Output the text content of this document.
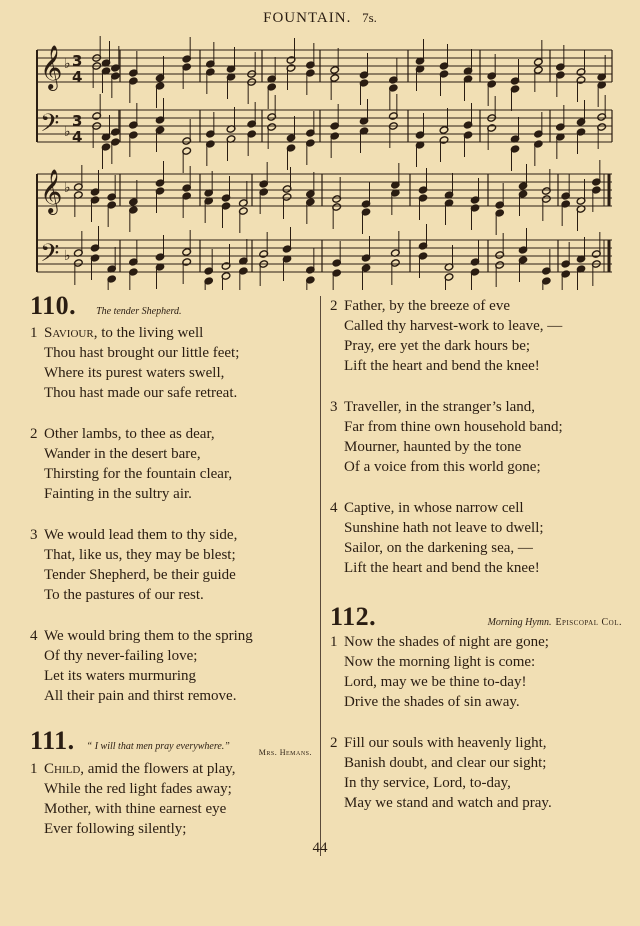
FOUNTAIN. 7s.
𝄞
𝄢
𝄞
𝄢
♭
♭
♭
♭
3
4
3
4
110. The tender Shepherd.
1 Saviour, to the living well
Thou hast brought our little feet;
Where its purest waters swell,
Thou hast made our safe retreat.
2 Other lambs, to thee as dear,
Wander in the desert bare,
Thirsting for the fountain clear,
Fainting in the sultry air.
3 We would lead them to thy side,
That, like us, they may be blest;
Tender Shepherd, be their guide
To the pastures of our rest.
4 We would bring them to the spring
Of thy never-failing love;
Let its waters murmuring
All their pain and thirst remove.
111. “ I will that men pray everywhere.”
Mrs. Hemans.
1 Child, amid the flowers at play,
While the red light fades away;
Mother, with thine earnest eye
Ever following silently;
2 Father, by the breeze of eve
Called thy harvest-work to leave, —
Pray, ere yet the dark hours be;
Lift the heart and bend the knee!
3 Traveller, in the stranger’s land,
Far from thine own household band;
Mourner, haunted by the tone
Of a voice from this world gone;
4 Captive, in whose narrow cell
Sunshine hath not leave to dwell;
Sailor, on the darkening sea, —
Lift the heart and bend the knee!
112.	Morning Hymn. Episcopal Col.
1 Now the shades of night are gone;
Now the morning light is come:
Lord, may we be thine to-day!
Drive the shades of sin away.
2 Fill our souls with heavenly light,
Banish doubt, and clear our sight;
In thy service, Lord, to-day,
May we stand and watch and pray.
44
